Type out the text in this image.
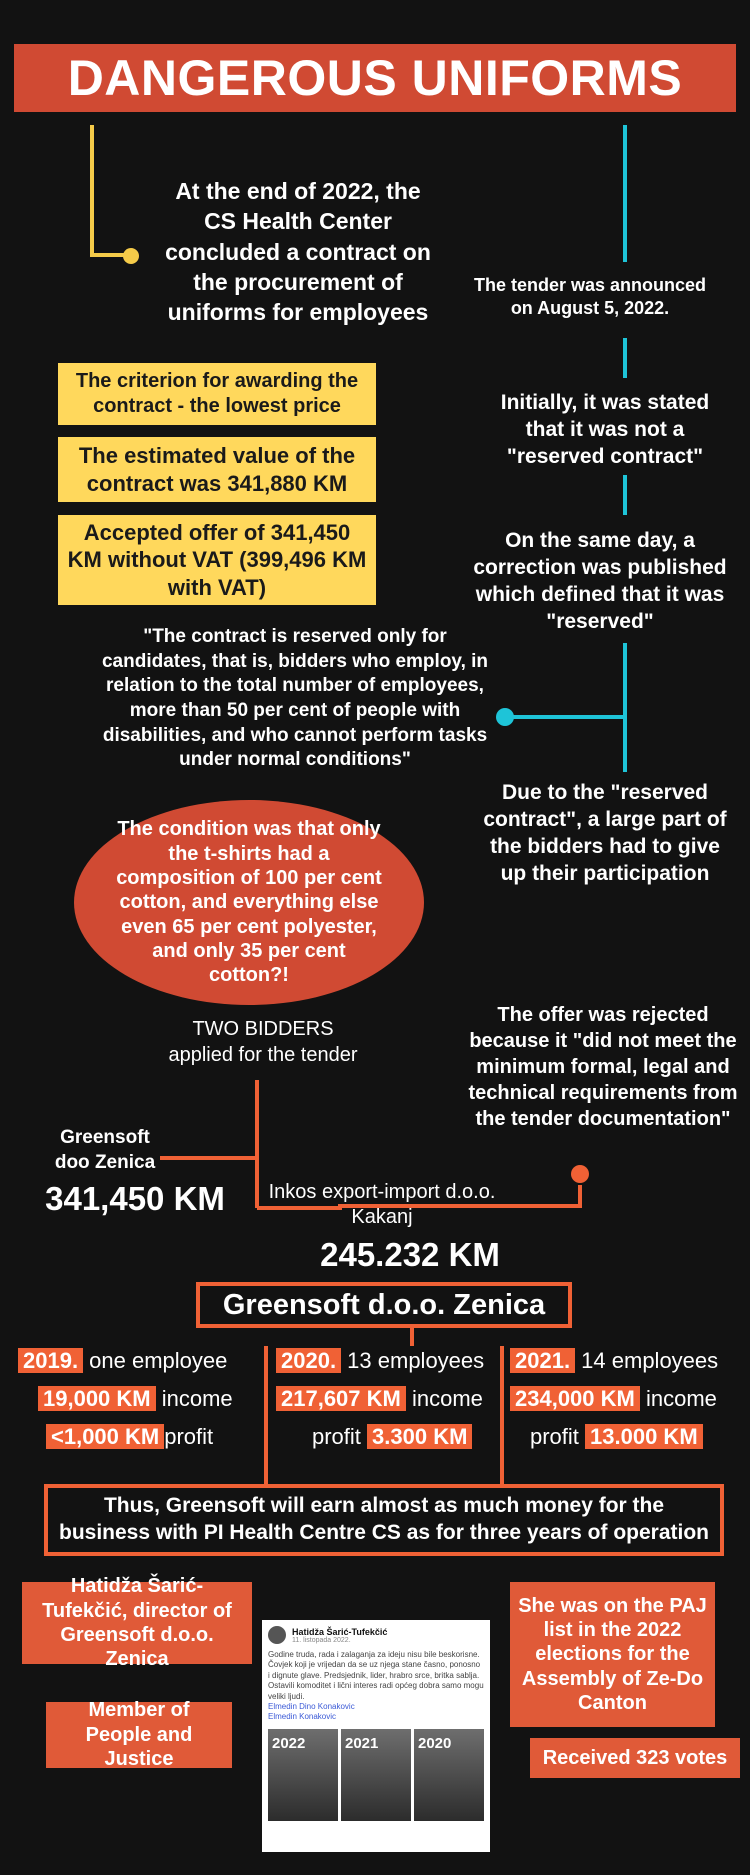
DANGEROUS UNIFORMS
At the end of 2022, the
CS Health Center
concluded a contract on
the procurement of
uniforms for employees
The tender was announced on August 5, 2022.
Initially, it was stated that it was not a "reserved contract"
On the same day, a correction was published which defined that it was "reserved"
Due to the "reserved contract", a large part of the bidders had to give up their participation
The criterion for awarding the contract - the lowest price
The estimated value of the contract was 341,880 KM
Accepted offer of 341,450 KM without VAT (399,496 KM with VAT)
"The contract is reserved only for candidates, that is, bidders who employ, in relation to the total number of employees, more than 50 per cent of people with disabilities, and who cannot perform tasks under normal conditions"
The condition was that only the t-shirts had a composition of 100 per cent cotton, and everything else even 65 per cent polyester, and only 35 per cent cotton?!
TWO BIDDERS applied for the tender
Greensoft doo Zenica
341,450 KM	Inkos export-import d.o.o. Kakanj
245.232 KM
The offer was rejected because it "did not meet the minimum formal, legal and technical requirements from the tender documentation"
Greensoft d.o.o. Zenica
2019. one employee
19,000 KM income
<1,000 KM profit
2020. 13 employees
217,607 KM income
profit 3.300 KM
2021. 14 employees
234,000 KM income
profit 13.000 KM
Thus, Greensoft will earn almost as much money for the business with PI Health Centre CS as for three years of operation
Hatidža Šarić-Tufekčić, director of Greensoft d.o.o. Zenica
Member of People and Justice
She was on the PAJ list in the 2022 elections for the Assembly of Ze-Do Canton
Received 323 votes
Hatidža Šarić-Tufekčić
11. listopada 2022.
Godine truda, rada i zalaganja za ideju nisu bile beskorisne. Čovjek koji je vrijedan da se uz njega stane časno, ponosno i dignute glave. Predsjednik, lider, hrabro srce, britka sablja. Ostavili komoditet i lični interes radi općeg dobra samo mogu veliki ljudi.
Elmedin Dino Konakovic
Elmedin Konakovic
2022	2021	2020
